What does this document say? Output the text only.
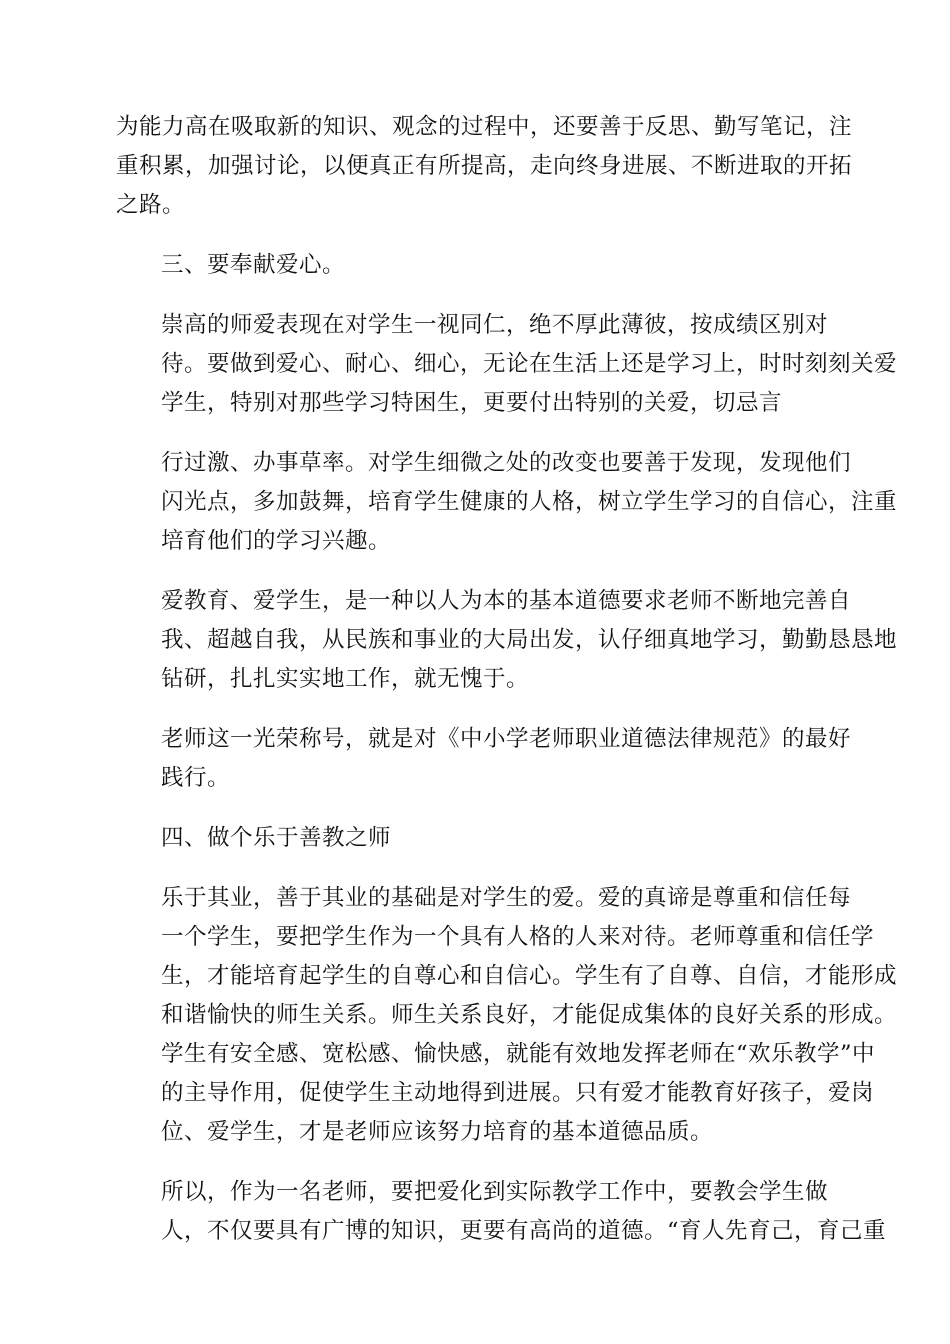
为能力高在吸取新的知识、观念的过程中，还要善于反思、勤写笔记，注
重积累，加强讨论，以便真正有所提高，走向终身进展、不断进取的开拓
之路。
三、要奉献爱心。
崇高的师爱表现在对学生一视同仁，绝不厚此薄彼，按成绩区别对
待。要做到爱心、耐心、细心，无论在生活上还是学习上，时时刻刻关爱
学生，特别对那些学习特困生，更要付出特别的关爱，切忌言
行过激、办事草率。对学生细微之处的改变也要善于发现，发现他们
闪光点，多加鼓舞，培育学生健康的人格，树立学生学习的自信心，注重
培育他们的学习兴趣。
爱教育、爱学生，是一种以人为本的基本道德要求老师不断地完善自
我、超越自我，从民族和事业的大局出发，认仔细真地学习，勤勤恳恳地
钻研，扎扎实实地工作，就无愧于。
老师这一光荣称号，就是对《中小学老师职业道德法律规范》的最好
践行。
四、做个乐于善教之师
乐于其业，善于其业的基础是对学生的爱。爱的真谛是尊重和信任每
一个学生，要把学生作为一个具有人格的人来对待。老师尊重和信任学
生，才能培育起学生的自尊心和自信心。学生有了自尊、自信，才能形成
和谐愉快的师生关系。师生关系良好，才能促成集体的良好关系的形成。
学生有安全感、宽松感、愉快感，就能有效地发挥老师在“欢乐教学”中
的主导作用，促使学生主动地得到进展。只有爱才能教育好孩子，爱岗
位、爱学生，才是老师应该努力培育的基本道德品质。
所以，作为一名老师，要把爱化到实际教学工作中，要教会学生做
人，不仅要具有广博的知识，更要有高尚的道德。“育人先育己，育己重
